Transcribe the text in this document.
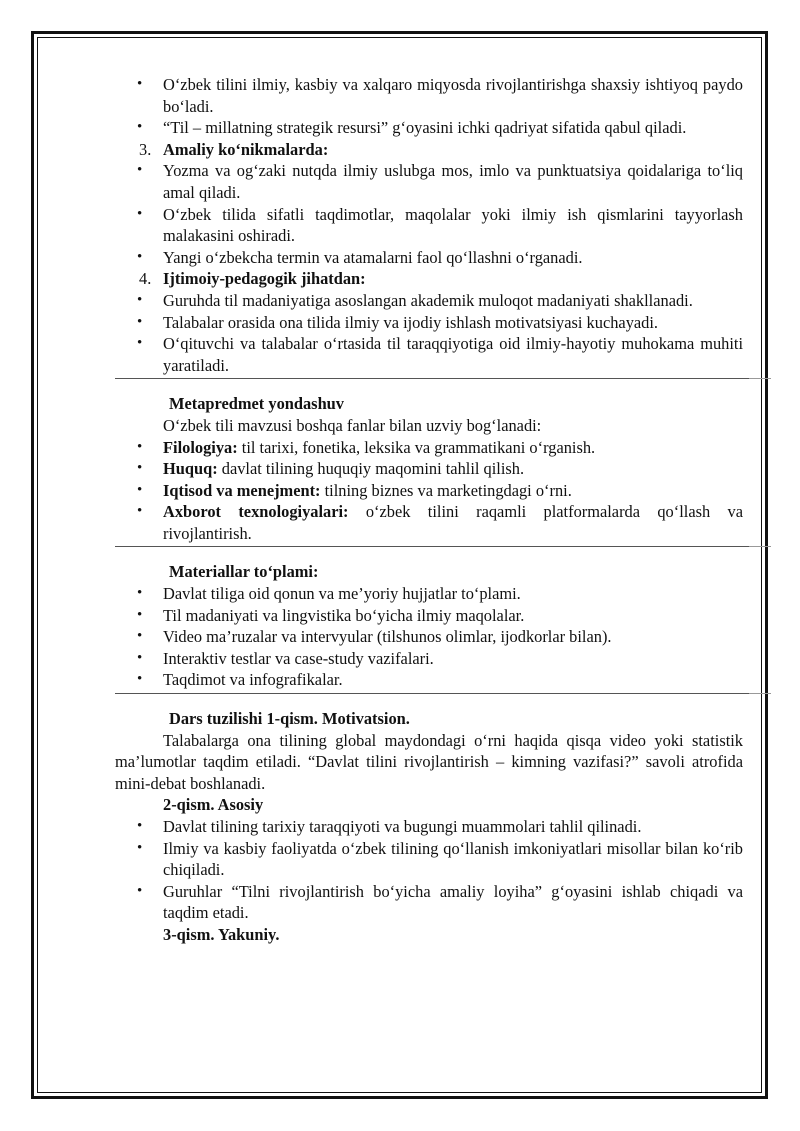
• O‘zbek tilini ilmiy, kasbiy va xalqaro miqyosda rivojlantirishga shaxsiy ishtiyoq paydo bo‘ladi.
• “Til – millatning strategik resursi” g‘oyasini ichki qadriyat sifatida qabul qiladi.
3. Amaliy ko‘nikmalarda:
• Yozma va og‘zaki nutqda ilmiy uslubga mos, imlo va punktuatsiya qoidalariga to‘liq amal qiladi.
• O‘zbek tilida sifatli taqdimotlar, maqolalar yoki ilmiy ish qismlarini tayyorlash malakasini oshiradi.
• Yangi o‘zbekcha termin va atamalarni faol qo‘llashni o‘rganadi.
4. Ijtimoiy-pedagogik jihatdan:
• Guruhda til madaniyatiga asoslangan akademik muloqot madaniyati shakllanadi.
• Talabalar orasida ona tilida ilmiy va ijodiy ishlash motivatsiyasi kuchayadi.
• O‘qituvchi va talabalar o‘rtasida til taraqqiyotiga oid ilmiy-hayotiy muhokama muhiti yaratiladi.
Metapredmet yondashuv
O‘zbek tili mavzusi boshqa fanlar bilan uzviy bog‘lanadi:
• Filologiya: til tarixi, fonetika, leksika va grammatikani o‘rganish.
• Huquq: davlat tilining huquqiy maqomini tahlil qilish.
• Iqtisod va menejment: tilning biznes va marketingdagi o‘rni.
• Axborot texnologiyalari: o‘zbek tilini raqamli platformalarda qo‘llash va rivojlantirish.
Materiallar to‘plami:
• Davlat tiliga oid qonun va me’yoriy hujjatlar to‘plami.
• Til madaniyati va lingvistika bo‘yicha ilmiy maqolalar.
• Video ma’ruzalar va intervyular (tilshunos olimlar, ijodkorlar bilan).
• Interaktiv testlar va case-study vazifalari.
• Taqdimot va infografikalar.
Dars tuzilishi 1-qism. Motivatsion.
Talabalarga ona tilining global maydondagi o‘rni haqida qisqa video yoki statistik ma’lumotlar taqdim etiladi. “Davlat tilini rivojlantirish – kimning vazifasi?” savoli atrofida mini-debat boshlanadi.
2-qism. Asosiy
• Davlat tilining tarixiy taraqqiyoti va bugungi muammolari tahlil qilinadi.
• Ilmiy va kasbiy faoliyatda o‘zbek tilining qo‘llanish imkoniyatlari misollar bilan ko‘rib chiqiladi.
• Guruhlar “Tilni rivojlantirish bo‘yicha amaliy loyiha” g‘oyasini ishlab chiqadi va taqdim etadi.
3-qism. Yakuniy.
